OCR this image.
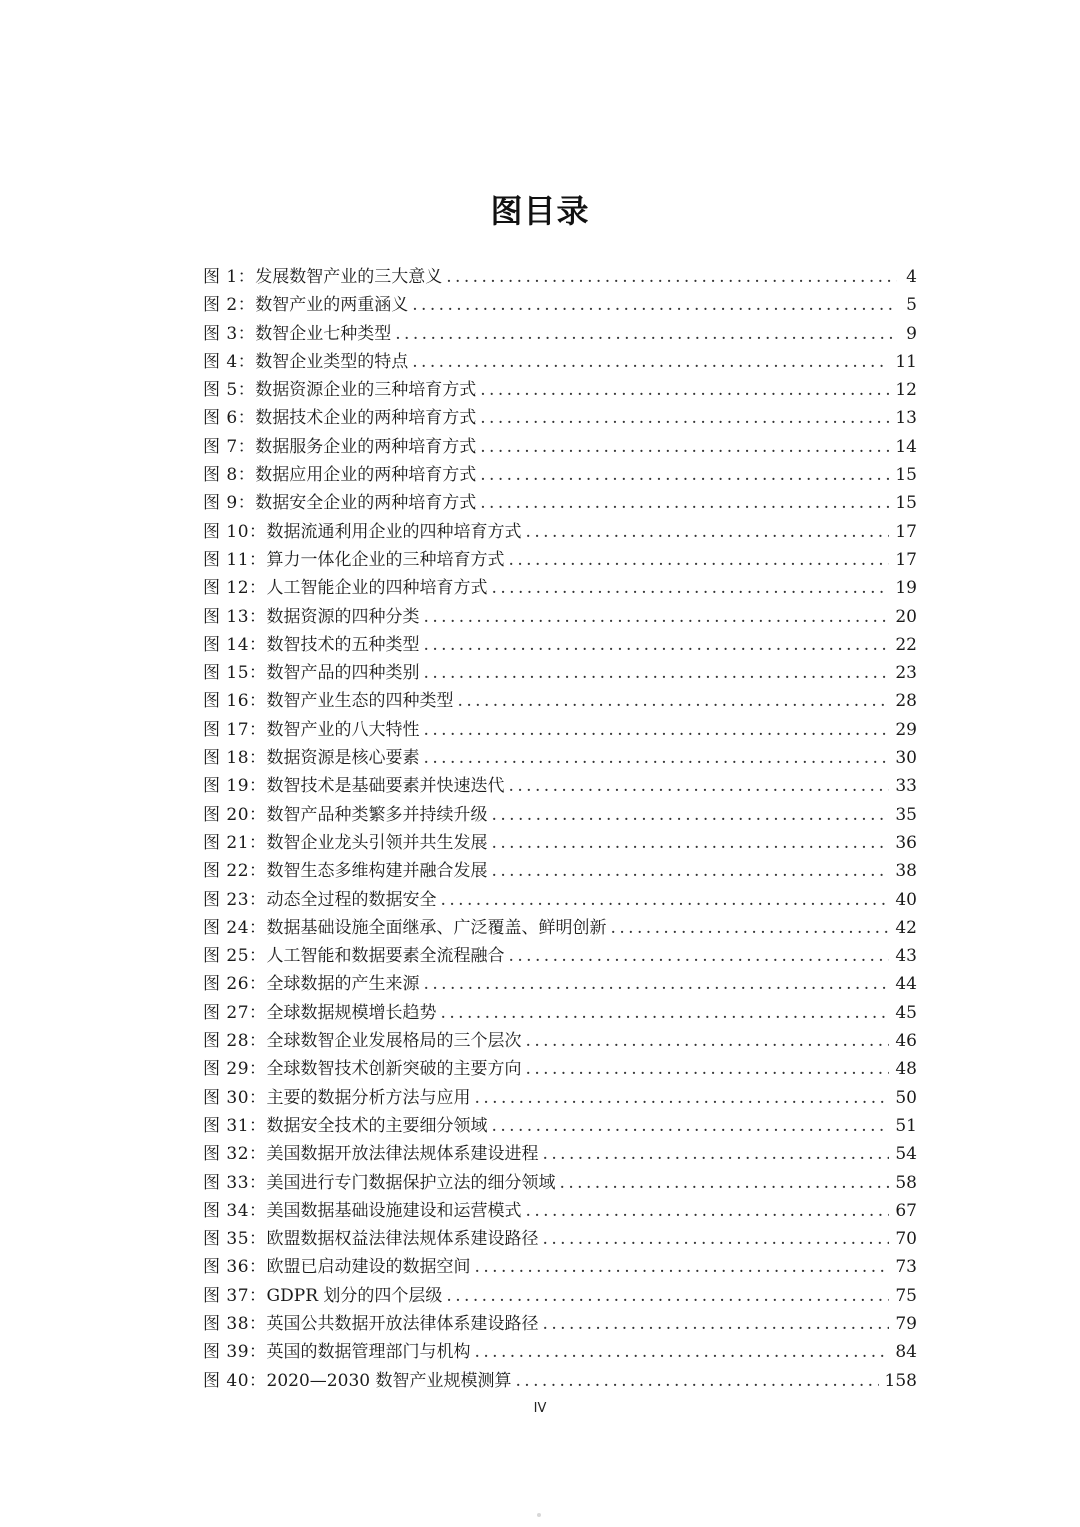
图目录
图 1： 发展数智产业的三大意义 .....	4
图 2： 数智产业的两重涵义 .....	5
图 3： 数智企业七种类型 .....	9
图 4： 数智企业类型的特点 .....	11
图 5： 数据资源企业的三种培育方式 .....	12
图 6： 数据技术企业的两种培育方式 .....	13
图 7： 数据服务企业的两种培育方式 .....	14
图 8： 数据应用企业的两种培育方式 .....	15
图 9： 数据安全企业的两种培育方式 .....	15
图 10： 数据流通利用企业的四种培育方式 .....	17
图 11： 算力一体化企业的三种培育方式 .....	17
图 12： 人工智能企业的四种培育方式 .....	19
图 13： 数据资源的四种分类 .....	20
图 14： 数智技术的五种类型 .....	22
图 15： 数智产品的四种类别 .....	23
图 16： 数智产业生态的四种类型 .....	28
图 17： 数智产业的八大特性 .....	29
图 18： 数据资源是核心要素 .....	30
图 19： 数智技术是基础要素并快速迭代 .....	33
图 20： 数智产品种类繁多并持续升级 .....	35
图 21： 数智企业龙头引领并共生发展 .....	36
图 22： 数智生态多维构建并融合发展 .....	38
图 23： 动态全过程的数据安全 .....	40
图 24： 数据基础设施全面继承、广泛覆盖、鲜明创新 .....	42
图 25： 人工智能和数据要素全流程融合 .....	43
图 26： 全球数据的产生来源 .....	44
图 27： 全球数据规模增长趋势 .....	45
图 28： 全球数智企业发展格局的三个层次 .....	46
图 29： 全球数智技术创新突破的主要方向 .....	48
图 30： 主要的数据分析方法与应用 .....	50
图 31： 数据安全技术的主要细分领域 .....	51
图 32： 美国数据开放法律法规体系建设进程 .....	54
图 33： 美国进行专门数据保护立法的细分领域 .....	58
图 34： 美国数据基础设施建设和运营模式 .....	67
图 35： 欧盟数据权益法律法规体系建设路径 .....	70
图 36： 欧盟已启动建设的数据空间 .....	73
图 37： GDPR 划分的四个层级 .....	75
图 38： 英国公共数据开放法律体系建设路径 .....	79
图 39： 英国的数据管理部门与机构 .....	84
图 40： 2020—2030 数智产业规模测算 .....	158
IV
